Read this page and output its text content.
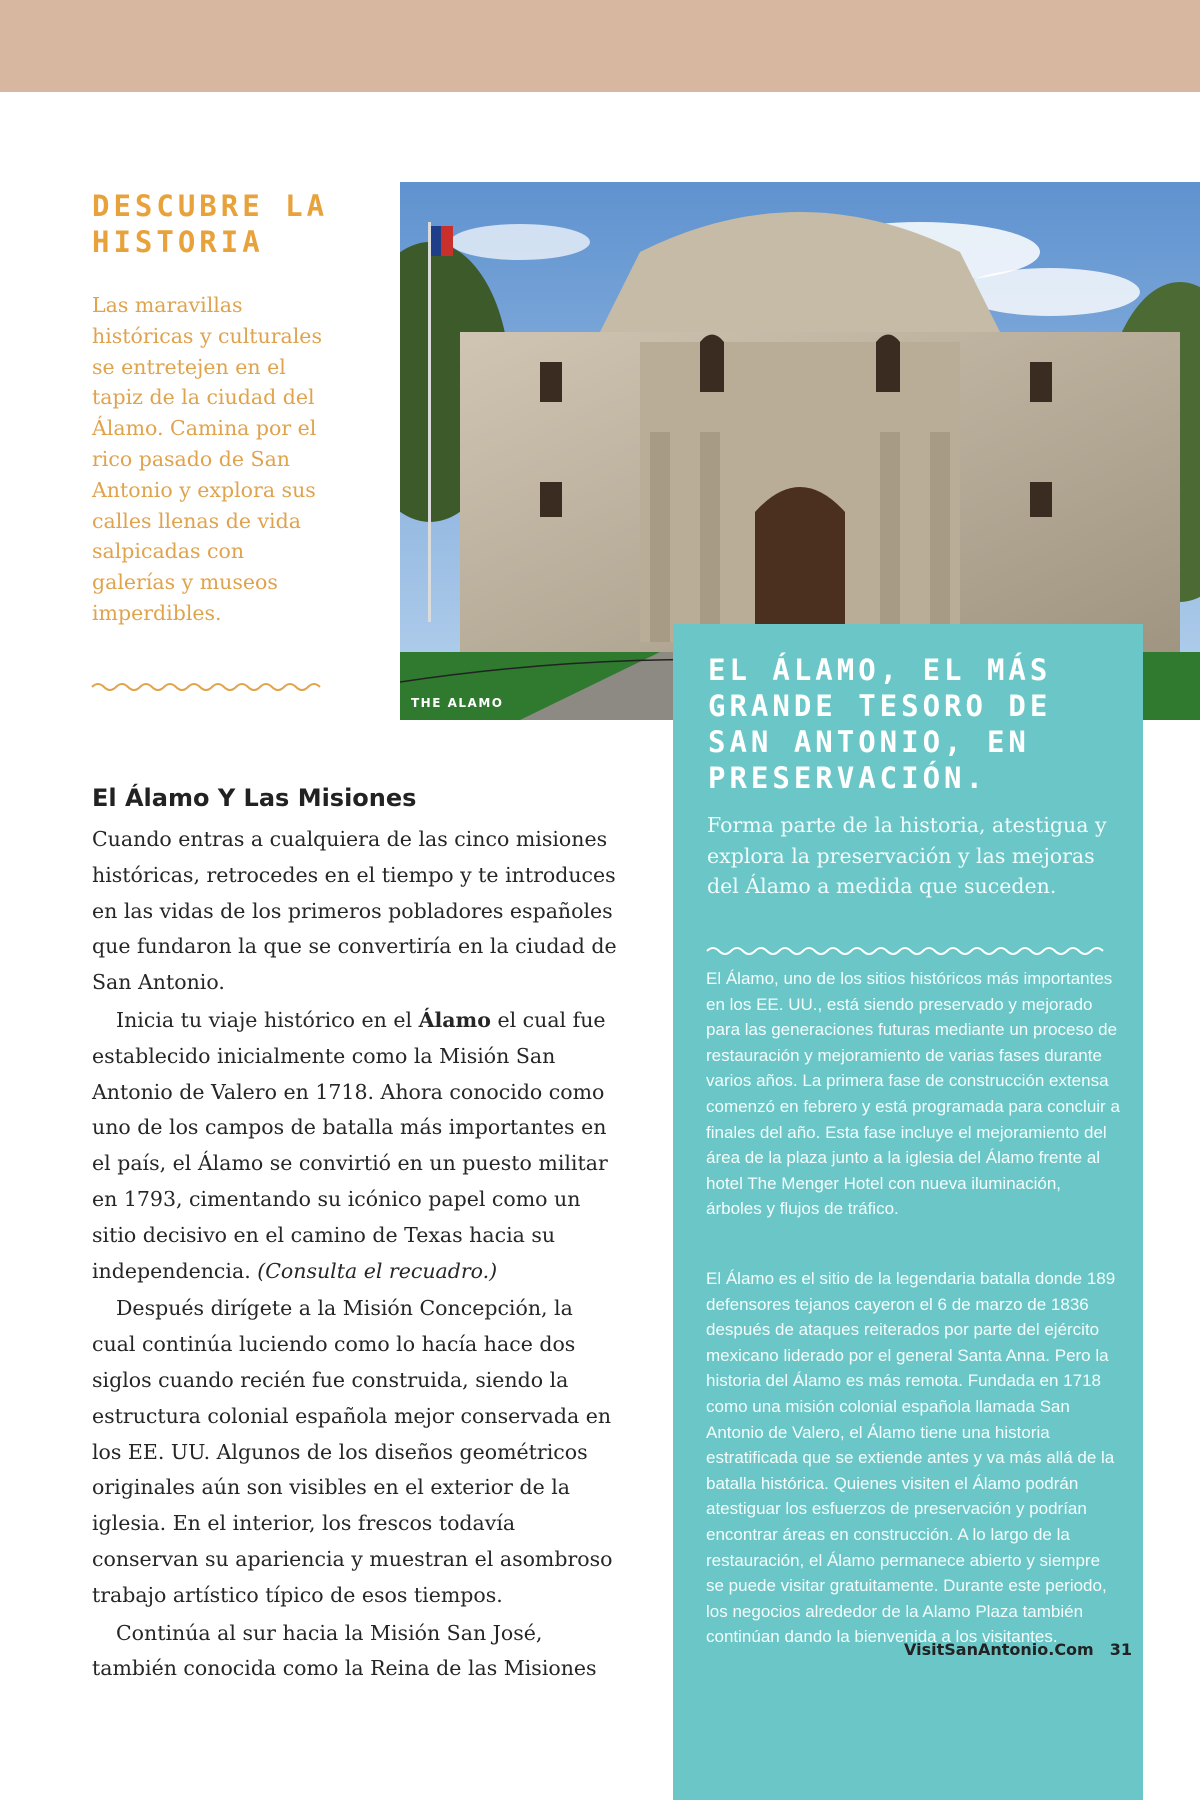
DESCUBRE LA HISTORIA

Las maravillas históricas y culturales se entretejen en el tapiz de la ciudad del Álamo. Camina por el rico pasado de San Antonio y explora sus calles llenas de vida salpicadas con galerías y museos imperdibles.

THE ALAMO
EL ÁLAMO, EL MÁS GRANDE TESORO DE SAN ANTONIO, EN PRESERVACIÓN.

Forma parte de la historia, atestigua y explora la preservación y las mejoras del Álamo a medida que suceden.

El Álamo, uno de los sitios históricos más importantes en los EE. UU., está siendo preservado y mejorado para las generaciones futuras mediante un proceso de restauración y mejoramiento de varias fases durante varios años. La primera fase de construcción extensa comenzó en febrero y está programada para concluir a finales del año. Esta fase incluye el mejoramiento del área de la plaza junto a la iglesia del Álamo frente al hotel The Menger Hotel con nueva iluminación, árboles y flujos de tráfico.

El Álamo es el sitio de la legendaria batalla donde 189 defensores tejanos cayeron el 6 de marzo de 1836 después de ataques reiterados por parte del ejército mexicano liderado por el general Santa Anna. Pero la historia del Álamo es más remota. Fundada en 1718 como una misión colonial española llamada San Antonio de Valero, el Álamo tiene una historia estratificada que se extiende antes y va más allá de la batalla histórica. Quienes visiten el Álamo podrán atestiguar los esfuerzos de preservación y podrían encontrar áreas en construcción. A lo largo de la restauración, el Álamo permanece abierto y siempre se puede visitar gratuitamente. Durante este periodo, los negocios alrededor de la Alamo Plaza también continúan dando la bienvenida a los visitantes.

VisitSanAntonio.Com 31
El Álamo Y Las Misiones

Cuando entras a cualquiera de las cinco misiones históricas, retrocedes en el tiempo y te introduces en las vidas de los primeros pobladores españoles que fundaron la que se convertiría en la ciudad de San Antonio.

Inicia tu viaje histórico en el Álamo el cual fue establecido inicialmente como la Misión San Antonio de Valero en 1718. Ahora conocido como uno de los campos de batalla más importantes en el país, el Álamo se convirtió en un puesto militar en 1793, cimentando su icónico papel como un sitio decisivo en el camino de Texas hacia su independencia. (Consulta el recuadro.)

Después dirígete a la Misión Concepción, la cual continúa luciendo como lo hacía hace dos siglos cuando recién fue construida, siendo la estructura colonial española mejor conservada en los EE. UU. Algunos de los diseños geométricos originales aún son visibles en el exterior de la iglesia. En el interior, los frescos todavía conservan su apariencia y muestran el asombroso trabajo artístico típico de esos tiempos.

Continúa al sur hacia la Misión San José, también conocida como la Reina de las Misiones
